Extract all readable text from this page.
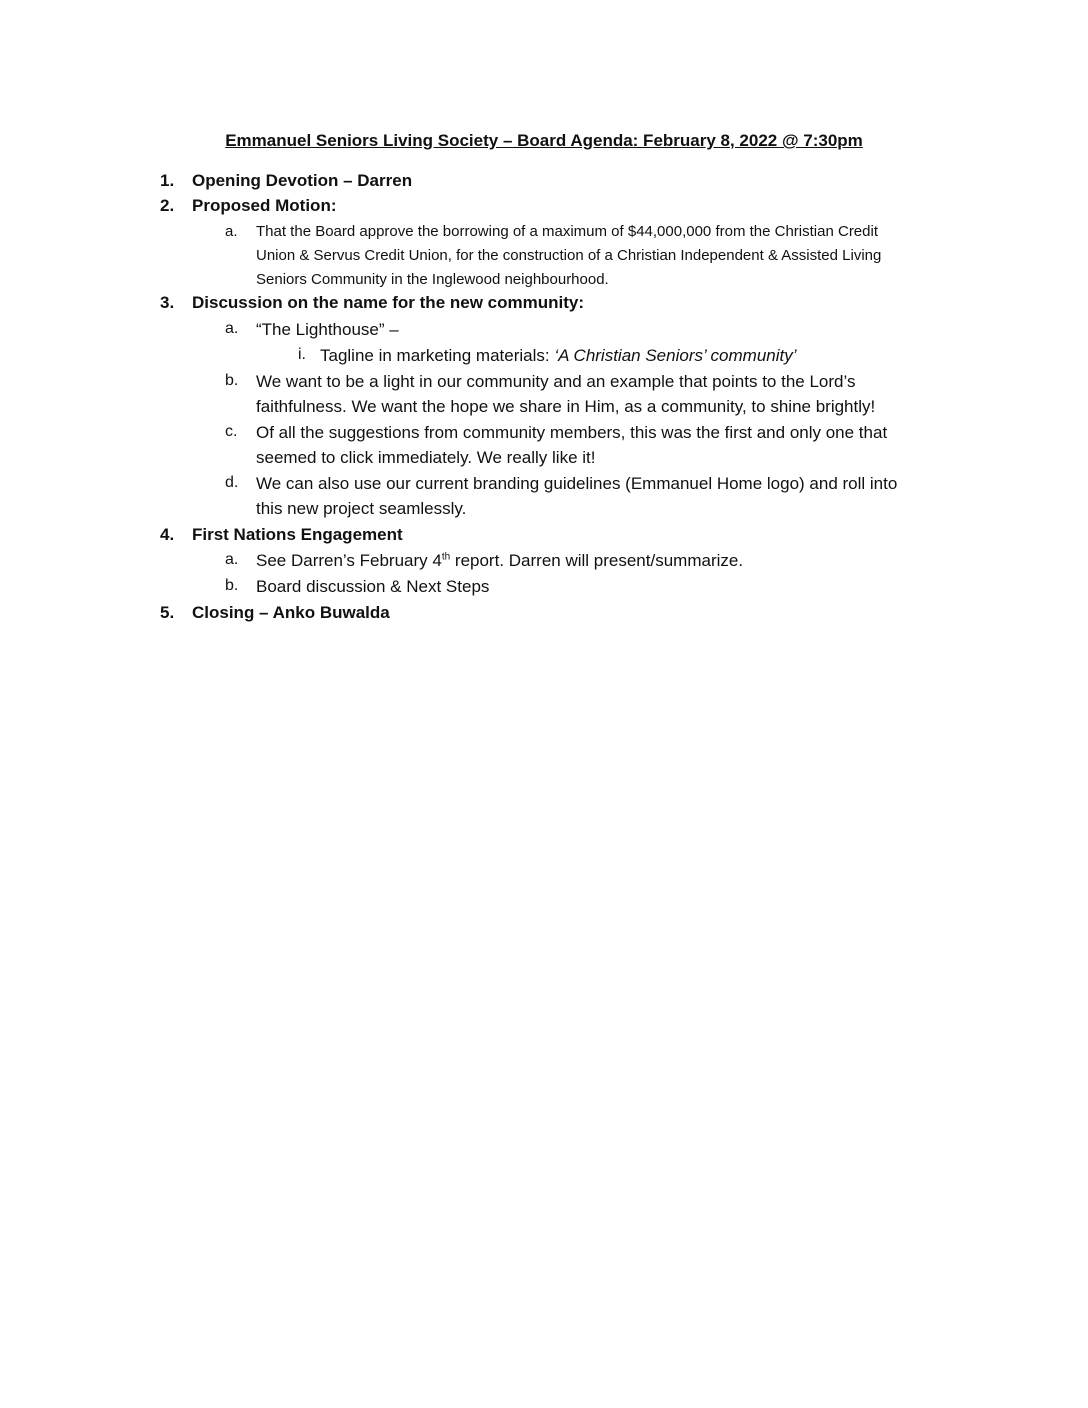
Emmanuel Seniors Living Society – Board Agenda: February 8, 2022 @ 7:30pm
1. Opening Devotion – Darren
2. Proposed Motion:
a. That the Board approve the borrowing of a maximum of $44,000,000 from the Christian Credit
Union & Servus Credit Union, for the construction of a Christian Independent & Assisted Living
Seniors Community in the Inglewood neighbourhood.
3. Discussion on the name for the new community:
a. “The Lighthouse” –
i. Tagline in marketing materials: ‘A Christian Seniors’ community’
b. We want to be a light in our community and an example that points to the Lord’s
faithfulness. We want the hope we share in Him, as a community, to shine brightly!
c. Of all the suggestions from community members, this was the first and only one that
seemed to click immediately. We really like it!
d. We can also use our current branding guidelines (Emmanuel Home logo) and roll into
this new project seamlessly.
4. First Nations Engagement
a. See Darren’s February 4th report. Darren will present/summarize.
b. Board discussion & Next Steps
5. Closing – Anko Buwalda
